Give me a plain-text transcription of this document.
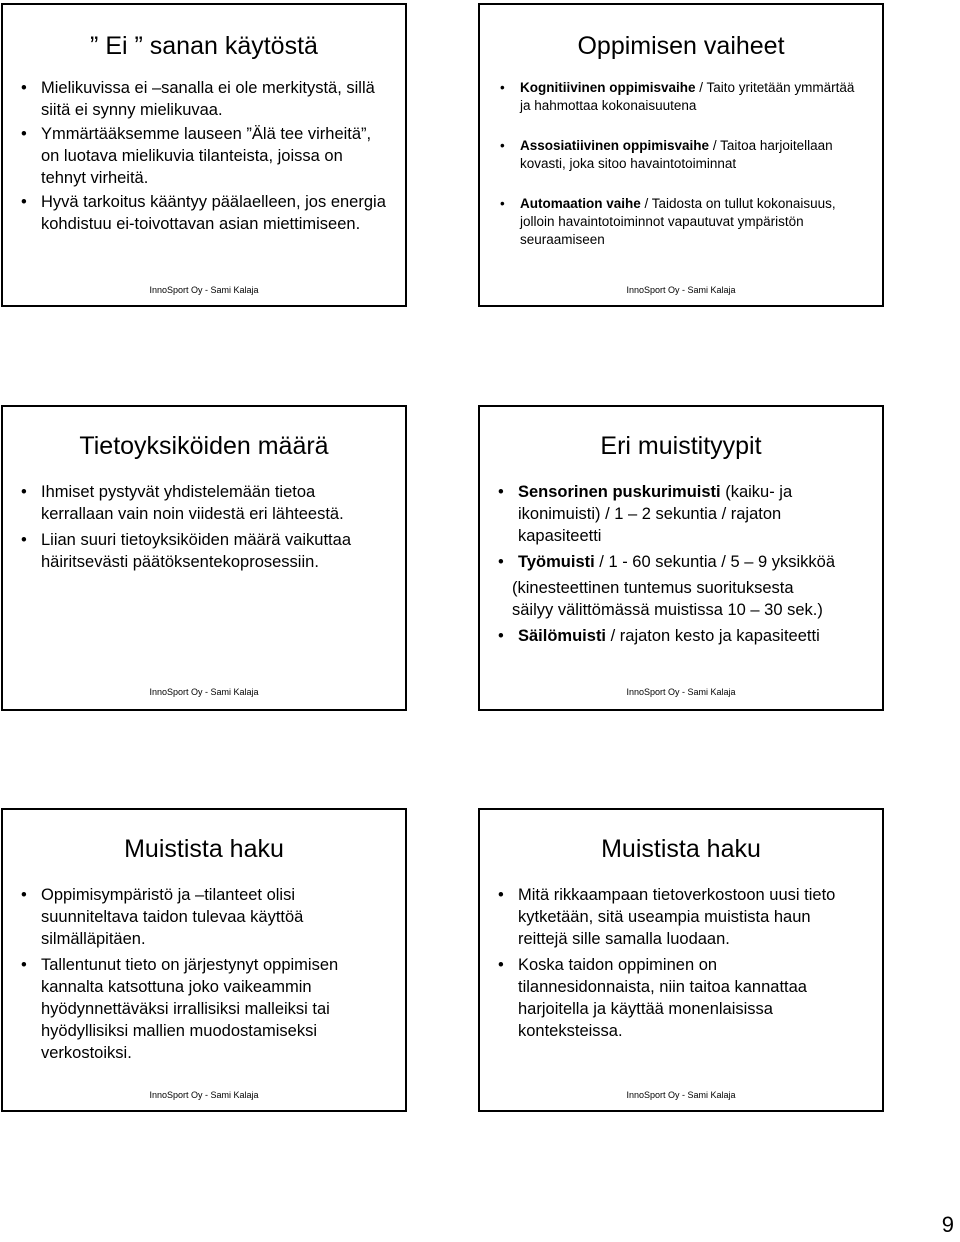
” Ei ” sanan käytöstä
• Mielikuvissa ei –sanalla ei ole merkitystä, sillä siitä ei synny mielikuvaa.
• Ymmärtääksemme lauseen ”Älä tee virheitä”, on luotava mielikuvia tilanteista, joissa on tehnyt virheitä.
• Hyvä tarkoitus kääntyy päälaelleen, jos energia kohdistuu ei-toivottavan asian miettimiseen.
InnoSport Oy - Sami Kalaja
Oppimisen vaiheet
• Kognitiivinen oppimisvaihe / Taito yritetään ymmärtää ja hahmottaa kokonaisuutena
• Assosiatiivinen oppimisvaihe / Taitoa harjoitellaan kovasti, joka sitoo havaintotoiminnat
• Automaation vaihe / Taidosta on tullut kokonaisuus, jolloin havaintotoiminnot vapautuvat ympäristön seuraamiseen
InnoSport Oy - Sami Kalaja
Tietoyksiköiden määrä
• Ihmiset pystyvät yhdistelemään tietoa kerrallaan vain noin viidestä eri lähteestä.
• Liian suuri tietoyksiköiden määrä vaikuttaa häiritsevästi päätöksentekoprosessiin.
InnoSport Oy - Sami Kalaja
Eri muistityypit
• Sensorinen puskurimuisti (kaiku- ja ikonimuisti) / 1 – 2 sekuntia / rajaton kapasiteetti
• Työmuisti / 1 - 60 sekuntia / 5 – 9 yksikköä
(kinesteettinen tuntemus suorituksesta säilyy välittömässä muistissa 10 – 30 sek.)
• Säilömuisti / rajaton kesto ja kapasiteetti
InnoSport Oy - Sami Kalaja
Muistista haku
• Oppimisympäristö ja –tilanteet olisi suunniteltava taidon tulevaa käyttöä silmälläpitäen.
• Tallentunut tieto on järjestynyt oppimisen kannalta katsottuna joko vaikeammin hyödynnettäväksi irrallisiksi malleiksi tai hyödyllisiksi mallien muodostamiseksi verkostoiksi.
InnoSport Oy - Sami Kalaja
Muistista haku
• Mitä rikkaampaan tietoverkostoon uusi tieto kytketään, sitä useampia muistista haun reittejä sille samalla luodaan.
• Koska taidon oppiminen on tilannesidonnaista, niin taitoa kannattaa harjoitella ja käyttää monenlaisissa konteksteissa.
InnoSport Oy - Sami Kalaja
9
